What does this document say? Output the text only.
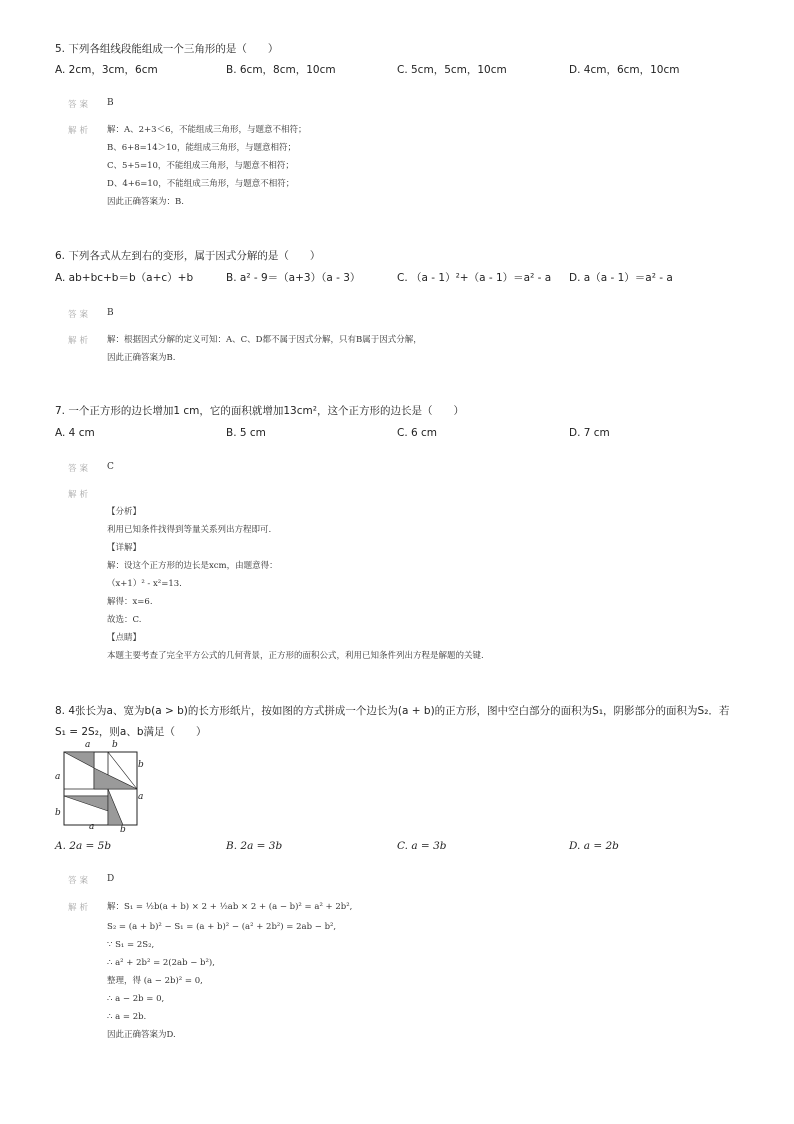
5. 下列各组线段能组成一个三角形的是（　　）
A. 2cm，3cm，6cm	B. 6cm，8cm，10cm	C. 5cm，5cm，10cm	D. 4cm，6cm，10cm
答案 B
解析 解：A、2+3＜6，不能组成三角形，与题意不相符；
B、6+8=14＞10，能组成三角形，与题意相符；
C、5+5=10，不能组成三角形，与题意不相符；
D、4+6=10，不能组成三角形，与题意不相符；
因此正确答案为：B.
6. 下列各式从左到右的变形，属于因式分解的是（　　）
A. ab+bc+b＝b（a+c）+b	B. a² - 9＝（a+3）（a - 3）	C. （a - 1）²+（a - 1）＝a² - a D. a（a - 1）＝a² - a
答案 B
解析 解：根据因式分解的定义可知：A、C、D都不属于因式分解，只有B属于因式分解，
因此正确答案为B.
7. 一个正方形的边长增加1 cm，它的面积就增加13cm²，这个正方形的边长是（　　）
A. 4 cm	B. 5 cm	C. 6 cm	D. 7 cm
答案 C
解析
【分析】
利用已知条件找得到等量关系列出方程即可.
【详解】
解：设这个正方形的边长是xcm，由题意得：
（x+1）² - x²=13.
解得：x=6.
故选：C.
【点睛】
本题主要考查了完全平方公式的几何背景，正方形的面积公式，利用已知条件列出方程是解题的关键.
8. 4张长为a、宽为b(a > b)的长方形纸片，按如图的方式拼成一个边长为(a + b)的正方形，图中空白部分的面积为S₁，阴影部分的面积为S₂．若
S₁ = 2S₂，则a、b满足（　　）
a b
b
a
a
b
a	b
A. 2a = 5b	B. 2a = 3b	C. a = 3b	D. a = 2b
答案 D
解析 解：S₁ = ½b(a + b) × 2 + ½ab × 2 + (a − b)² = a² + 2b²,
S₂ = (a + b)² − S₁ = (a + b)² − (a² + 2b²) = 2ab − b²,
∵ S₁ = 2S₂,
∴ a² + 2b² = 2(2ab − b²),
整理，得 (a − 2b)² = 0,
∴ a − 2b = 0,
∴ a = 2b.
因此正确答案为D.
